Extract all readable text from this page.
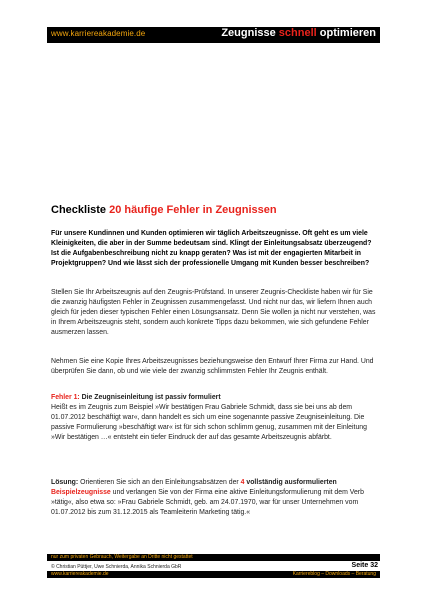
www.karriereakademie.de	Zeugnisse schnell optimieren
Checkliste 20 häufige Fehler in Zeugnissen

Für unsere Kundinnen und Kunden optimieren wir täglich Arbeitszeugnisse. Oft geht es um viele Kleinigkeiten, die aber in der Summe bedeutsam sind. Klingt der Einleitungsabsatz überzeugend? Ist die Aufgabenbeschreibung nicht zu knapp geraten? Was ist mit der engagierten Mitarbeit in Projektgruppen? Und wie lässt sich der professionelle Umgang mit Kunden besser beschreiben?

Stellen Sie Ihr Arbeitszeugnis auf den Zeugnis-Prüfstand. In unserer Zeugnis-Checkliste haben wir für Sie die zwanzig häufigsten Fehler in Zeugnissen zusammengefasst. Und nicht nur das, wir liefern Ihnen auch gleich für jeden dieser typischen Fehler einen Lösungsansatz. Denn Sie wollen ja nicht nur verstehen, was in Ihrem Arbeitszeugnis steht, sondern auch konkrete Tipps dazu bekommen, wie sich gefundene Fehler ausmerzen lassen.

Nehmen Sie eine Kopie Ihres Arbeitszeugnisses beziehungsweise den Entwurf Ihrer Firma zur Hand. Und überprüfen Sie dann, ob und wie viele der zwanzig schlimmsten Fehler Ihr Zeugnis enthält.

Fehler 1: Die Zeugniseinleitung ist passiv formuliert
Heißt es im Zeugnis zum Beispiel »Wir bestätigen Frau Gabriele Schmidt, dass sie bei uns ab dem 01.07.2012 beschäftigt war«, dann handelt es sich um eine sogenannte passive Zeugniseinleitung. Die passive Formulierung »beschäftigt war« ist für sich schon schlimm genug, zusammen mit der Einleitung »Wir bestätigen …« entsteht ein tiefer Eindruck der auf das gesamte Arbeitszeugnis abfärbt.
Lösung: Orientieren Sie sich an den Einleitungsabsätzen der 4 vollständig ausformulierten Beispielzeugnisse und verlangen Sie von der Firma eine aktive Einleitungsformulierung mit dem Verb »tätig«, also etwa so: »Frau Gabriele Schmidt, geb. am 24.07.1970, war für unser Unternehmen vom 01.07.2012 bis zum 31.12.2015 als Teamleiterin Marketing tätig.«
nur zum privaten Gebrauch, Weitergabe an Dritte nicht gestattet
© Christian Püttjer, Uwe Schnierda, Annika Schnierda GbR	Seite 32
www.karriereakademie.de	Karriereblog – Downloads – Beratung
